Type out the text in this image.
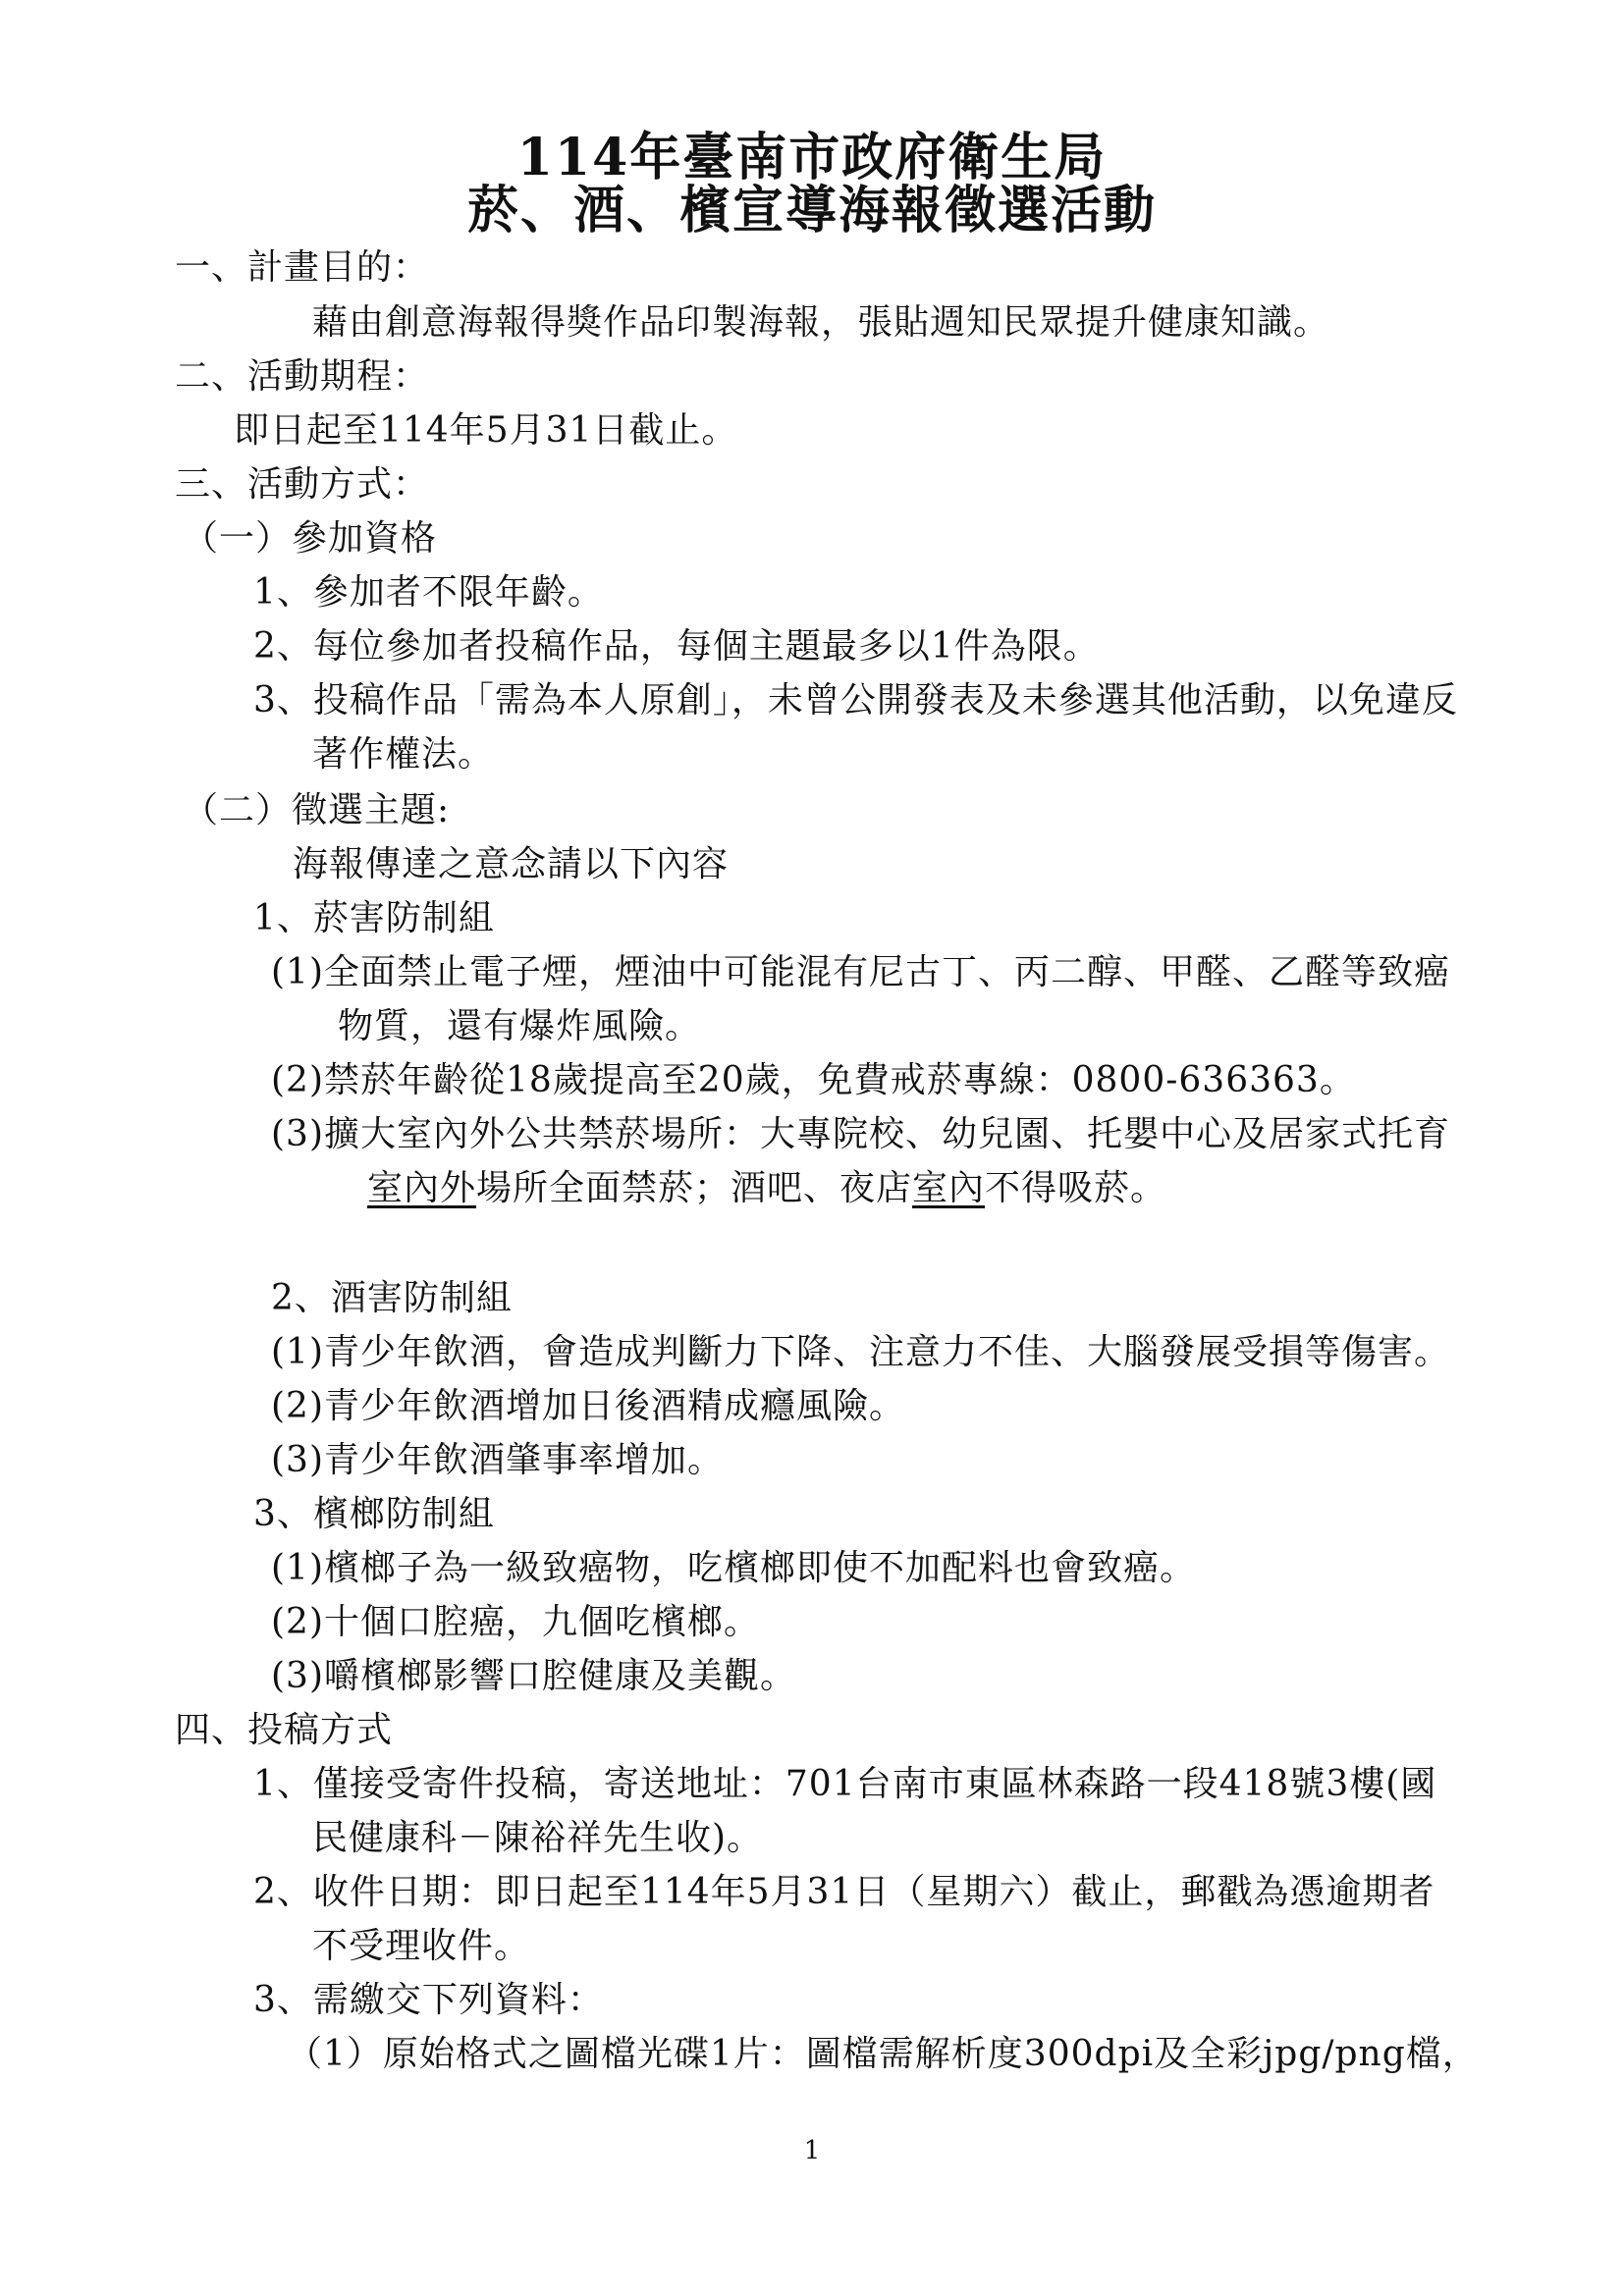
114年臺南市政府衛生局
菸、酒、檳宣導海報徵選活動
一、計畫目的：
藉由創意海報得獎作品印製海報，張貼週知民眾提升健康知識。
二、活動期程：
即日起至114年5月31日截止。
三、活動方式：
（一）參加資格
1、參加者不限年齡。
2、每位參加者投稿作品，每個主題最多以1件為限。
3、投稿作品「需為本人原創」，未曾公開發表及未參選其他活動，以免違反
著作權法。
（二）徵選主題:
海報傳達之意念請以下內容
1、菸害防制組
(1)全面禁止電子煙，煙油中可能混有尼古丁、丙二醇、甲醛、乙醛等致癌
物質，還有爆炸風險。
(2)禁菸年齡從18歲提高至20歲，免費戒菸專線：0800-636363。
(3)擴大室內外公共禁菸場所：大專院校、幼兒園、托嬰中心及居家式托育
室內外場所全面禁菸；酒吧、夜店室內不得吸菸。
2、酒害防制組
(1)青少年飲酒，會造成判斷力下降、注意力不佳、大腦發展受損等傷害。
(2)青少年飲酒增加日後酒精成癮風險。
(3)青少年飲酒肇事率增加。
3、檳榔防制組
(1)檳榔子為一級致癌物，吃檳榔即使不加配料也會致癌。
(2)十個口腔癌，九個吃檳榔。
(3)嚼檳榔影響口腔健康及美觀。
四、投稿方式
1、僅接受寄件投稿，寄送地址：701台南市東區林森路一段418號3樓(國
民健康科－陳裕祥先生收)。
2、收件日期：即日起至114年5月31日（星期六）截止，郵戳為憑逾期者
不受理收件。
3、需繳交下列資料：
（1）原始格式之圖檔光碟1片：圖檔需解析度300dpi及全彩jpg/png檔，
1
